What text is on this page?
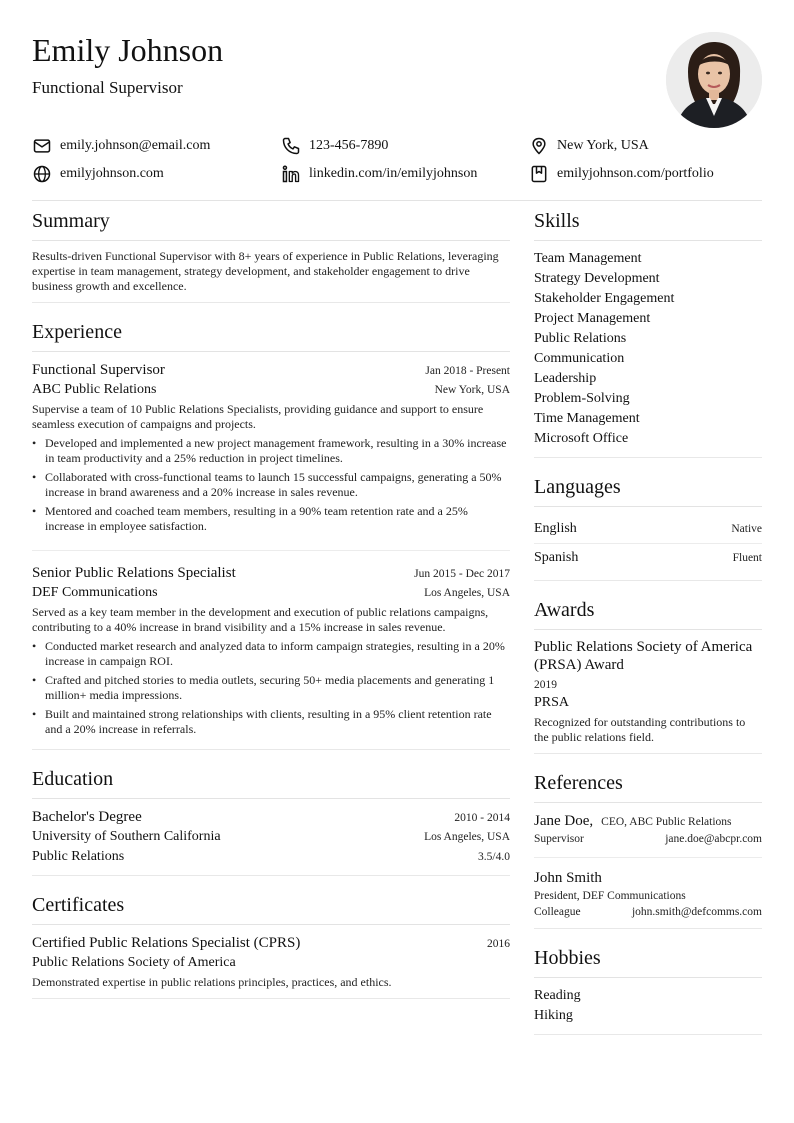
Emily Johnson
Functional Supervisor
emily.johnson@email.com	123-456-7890	New York, USA
emilyjohnson.com	linkedin.com/in/emilyjohnson	emilyjohnson.com/portfolio
Summary

Results-driven Functional Supervisor with 8+ years of experience in Public Relations, leveraging expertise in team management, strategy development, and stakeholder engagement to drive business growth and excellence.

Experience
Functional Supervisor	Jan 2018 - Present
ABC Public Relations	New York, USA

Supervise a team of 10 Public Relations Specialists, providing guidance and support to ensure seamless execution of campaigns and projects.

• Developed and implemented a new project management framework, resulting in a 30% increase in team productivity and a 25% reduction in project timelines.
• Collaborated with cross-functional teams to launch 15 successful campaigns, generating a 50% increase in brand awareness and a 20% increase in sales revenue.
• Mentored and coached team members, resulting in a 90% team retention rate and a 25% increase in employee satisfaction.
Senior Public Relations Specialist	Jun 2015 - Dec 2017
DEF Communications	Los Angeles, USA

Served as a key team member in the development and execution of public relations campaigns, contributing to a 40% increase in brand visibility and a 15% increase in sales revenue.

• Conducted market research and analyzed data to inform campaign strategies, resulting in a 20% increase in campaign ROI.
• Crafted and pitched stories to media outlets, securing 50+ media placements and generating 1 million+ media impressions.
• Built and maintained strong relationships with clients, resulting in a 95% client retention rate and a 20% increase in referrals.
Education
Bachelor's Degree	2010 - 2014
University of Southern California	Los Angeles, USA
Public Relations	3.5/4.0
Certificates
Certified Public Relations Specialist (CPRS)	2016
Public Relations Society of America

Demonstrated expertise in public relations principles, practices, and ethics.

Skills
Team Management
Strategy Development
Stakeholder Engagement
Project Management
Public Relations
Communication
Leadership
Problem-Solving
Time Management
Microsoft Office
Languages
English	Native
Spanish	Fluent
Awards
Public Relations Society of America (PRSA) Award
2019
PRSA

Recognized for outstanding contributions to the public relations field.

References
Jane Doe, CEO, ABC Public Relations
Supervisor	jane.doe@abcpr.com
John Smith
President, DEF Communications
Colleague	john.smith@defcomms.com
Hobbies
Reading
Hiking
